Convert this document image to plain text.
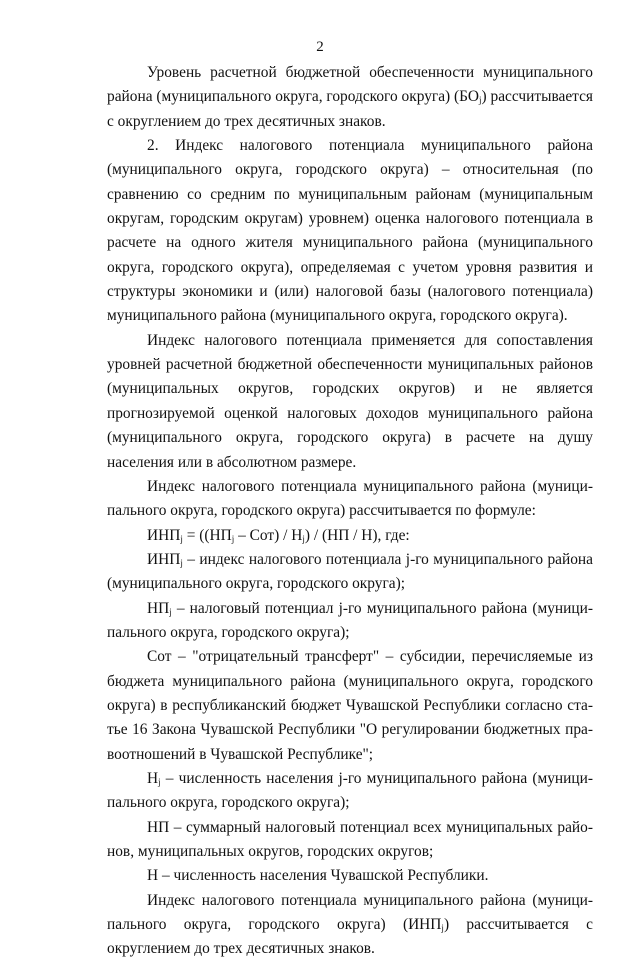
2

Уровень расчетной бюджетной обеспеченности муниципального района (муниципального округа, городского округа) $(БО_j)$ рассчитывается с округлением до трех десятичных знаков.

2. Индекс налогового потенциала муниципального района (муниципального округа, городского округа) – относительная (по сравнению со средним по муниципальным районам (муниципальным округам, городским округам) уровнем) оценка налогового потенциала в расчете на одного жителя муниципального района (муниципального округа, городского округа), определяемая с учетом уровня развития и структуры экономики и (или) налоговой базы (налогового потенциала) муниципального района (муниципального округа, городского округа).

Индекс налогового потенциала применяется для сопоставления уровней расчетной бюджетной обеспеченности муниципальных районов (муниципальных округов, городских округов) и не является прогнозируемой оценкой налоговых доходов муниципального района (муниципального округа, городского округа) в расчете на душу населения или в абсолютном размере.

Индекс налогового потенциала муниципального района (муниципального округа, городского округа) рассчитывается по формуле:

$ИНП_j = ((НП_j - Сот) / Н_j) / (НП / Н)$, где:

$ИНП_j$ – индекс налогового потенциала j-го муниципального района (муниципального округа, городского округа);

$НП_j$ – налоговый потенциал j-го муниципального района (муниципального округа, городского округа);

Сот – "отрицательный трансферт" – субсидии, перечисляемые из бюджета муниципального района (муниципального округа, городского округа) в республиканский бюджет Чувашской Республики согласно статье 16 Закона Чувашской Республики "О регулировании бюджетных правоотношений в Чувашской Республике";

$Н_j$ – численность населения j-го муниципального района (муниципального округа, городского округа);

НП – суммарный налоговый потенциал всех муниципальных районов, муниципальных округов, городских округов;

Н – численность населения Чувашской Республики.

Индекс налогового потенциала муниципального района (муниципального округа, городского округа) $(ИНП_j)$ рассчитывается с округлением до трех десятичных знаков.
